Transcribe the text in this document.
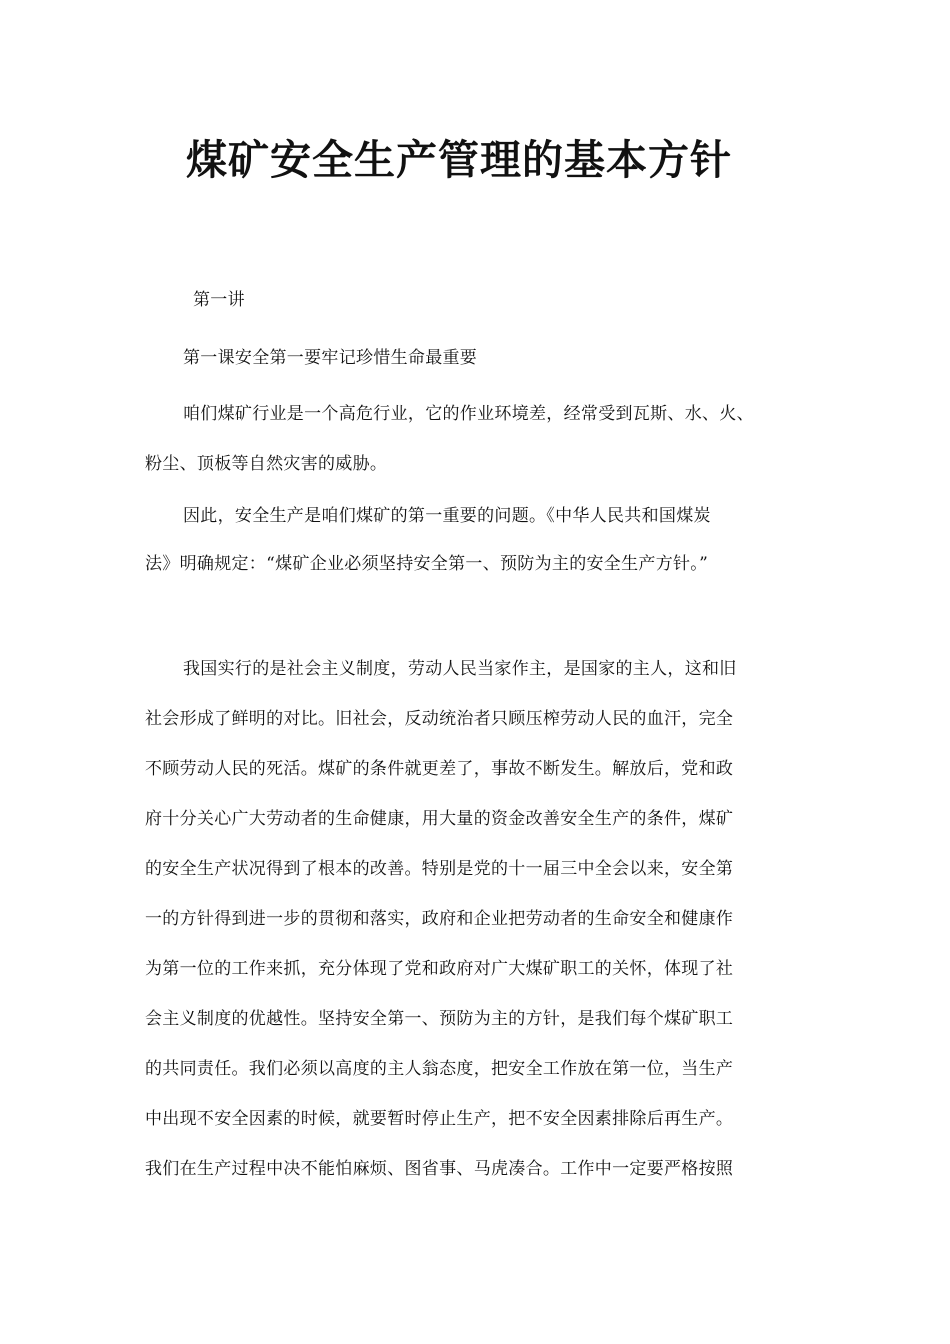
煤矿安全生产管理的基本方针
第一讲
第一课安全第一要牢记珍惜生命最重要
咱们煤矿行业是一个高危行业，它的作业环境差，经常受到瓦斯、水、火、
粉尘、顶板等自然灾害的威胁。
因此，安全生产是咱们煤矿的第一重要的问题。《中华人民共和国煤炭
法》明确规定：“煤矿企业必须坚持安全第一、预防为主的安全生产方针。”
我国实行的是社会主义制度，劳动人民当家作主，是国家的主人，这和旧
社会形成了鲜明的对比。旧社会，反动统治者只顾压榨劳动人民的血汗，完全
不顾劳动人民的死活。煤矿的条件就更差了，事故不断发生。解放后，党和政
府十分关心广大劳动者的生命健康，用大量的资金改善安全生产的条件，煤矿
的安全生产状况得到了根本的改善。特别是党的十一届三中全会以来，安全第
一的方针得到进一步的贯彻和落实，政府和企业把劳动者的生命安全和健康作
为第一位的工作来抓，充分体现了党和政府对广大煤矿职工的关怀，体现了社
会主义制度的优越性。坚持安全第一、预防为主的方针，是我们每个煤矿职工
的共同责任。我们必须以高度的主人翁态度，把安全工作放在第一位，当生产
中出现不安全因素的时候，就要暂时停止生产，把不安全因素排除后再生产。
我们在生产过程中决不能怕麻烦、图省事、马虎凑合。工作中一定要严格按照
